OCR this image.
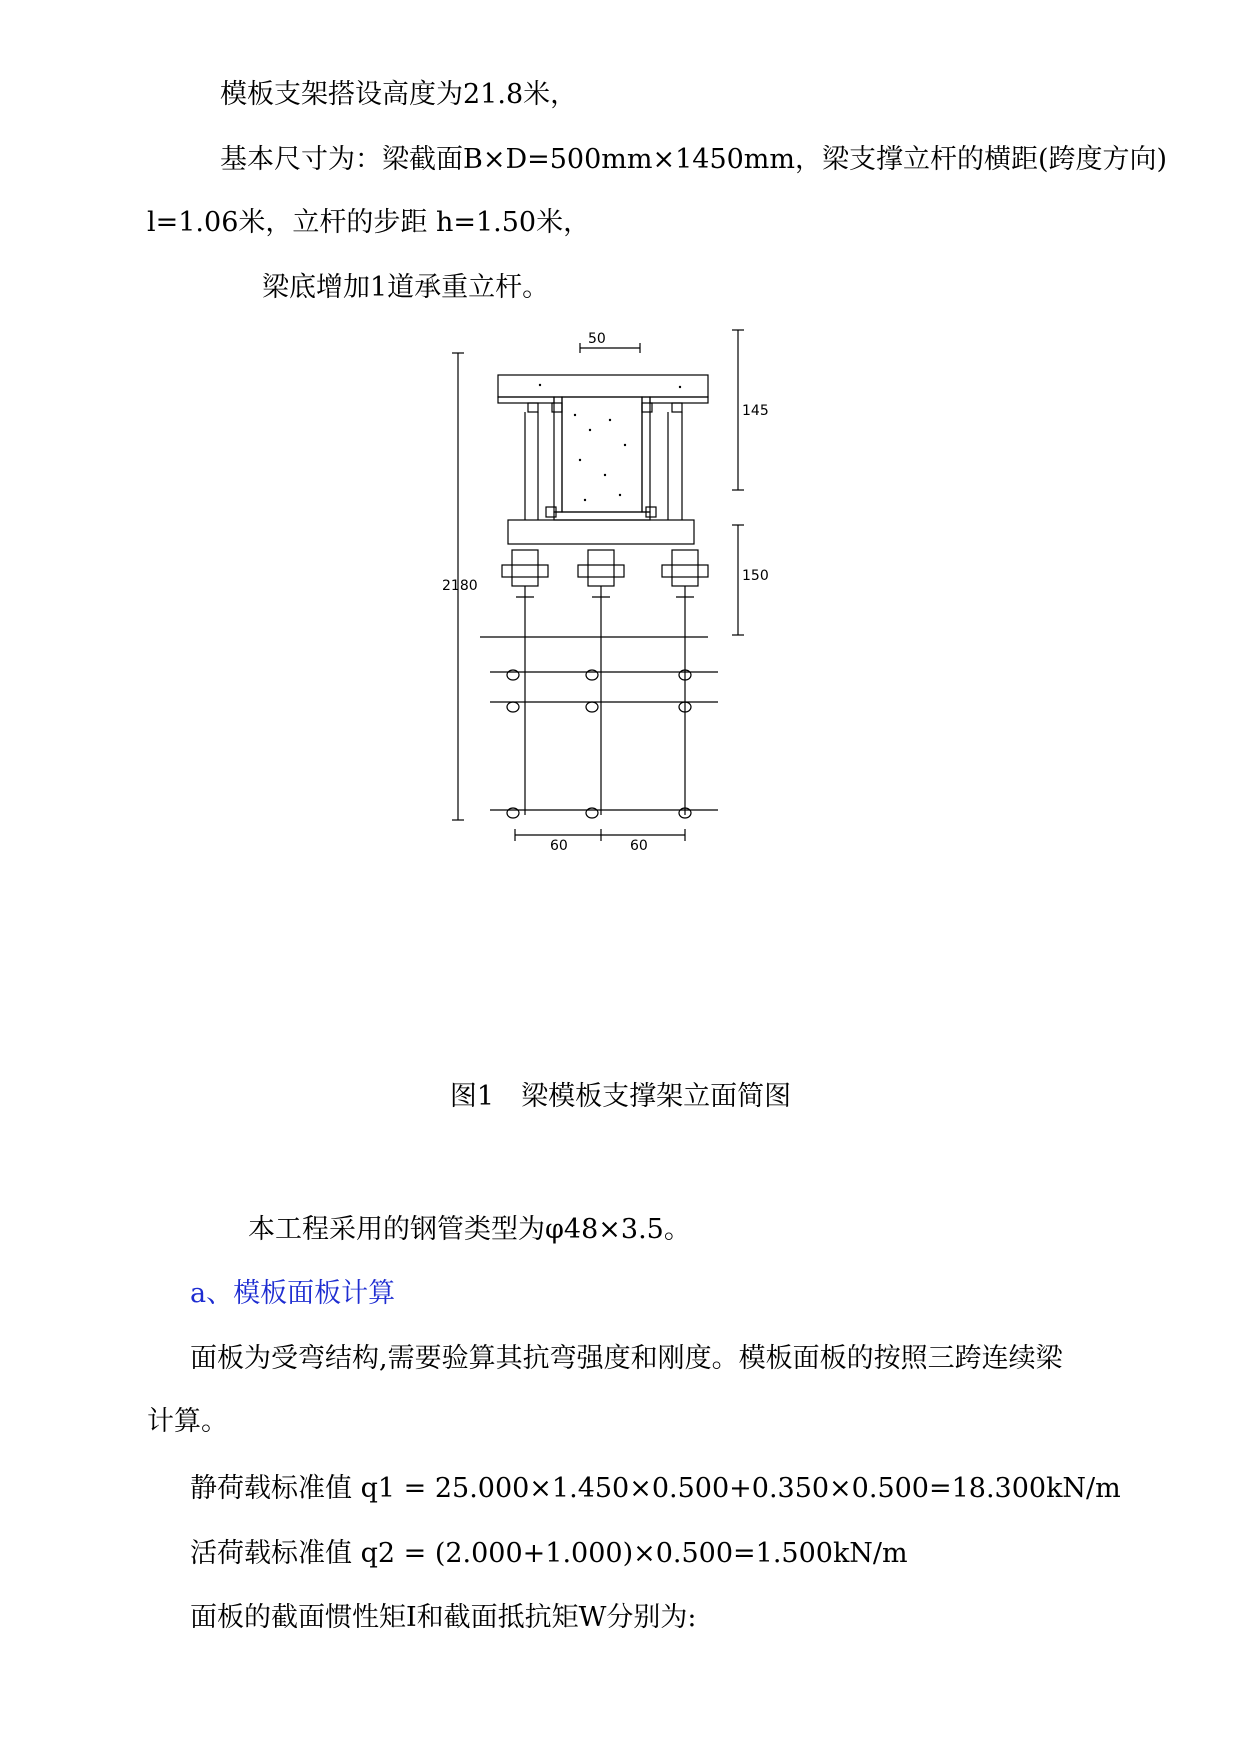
模板支架搭设高度为21.8米，
基本尺寸为：梁截面B×D=500mm×1450mm，梁支撑立杆的横距(跨度方向)
l=1.06米，立杆的步距 h=1.50米，
梁底增加1道承重立杆。
50
2180
145
150
60	60
图1　梁模板支撑架立面简图
本工程采用的钢管类型为φ48×3.5。
a、模板面板计算
面板为受弯结构,需要验算其抗弯强度和刚度。模板面板的按照三跨连续梁
计算。
静荷载标准值 q1 = 25.000×1.450×0.500+0.350×0.500=18.300kN/m
活荷载标准值 q2 = (2.000+1.000)×0.500=1.500kN/m
面板的截面惯性矩I和截面抵抗矩W分别为:
